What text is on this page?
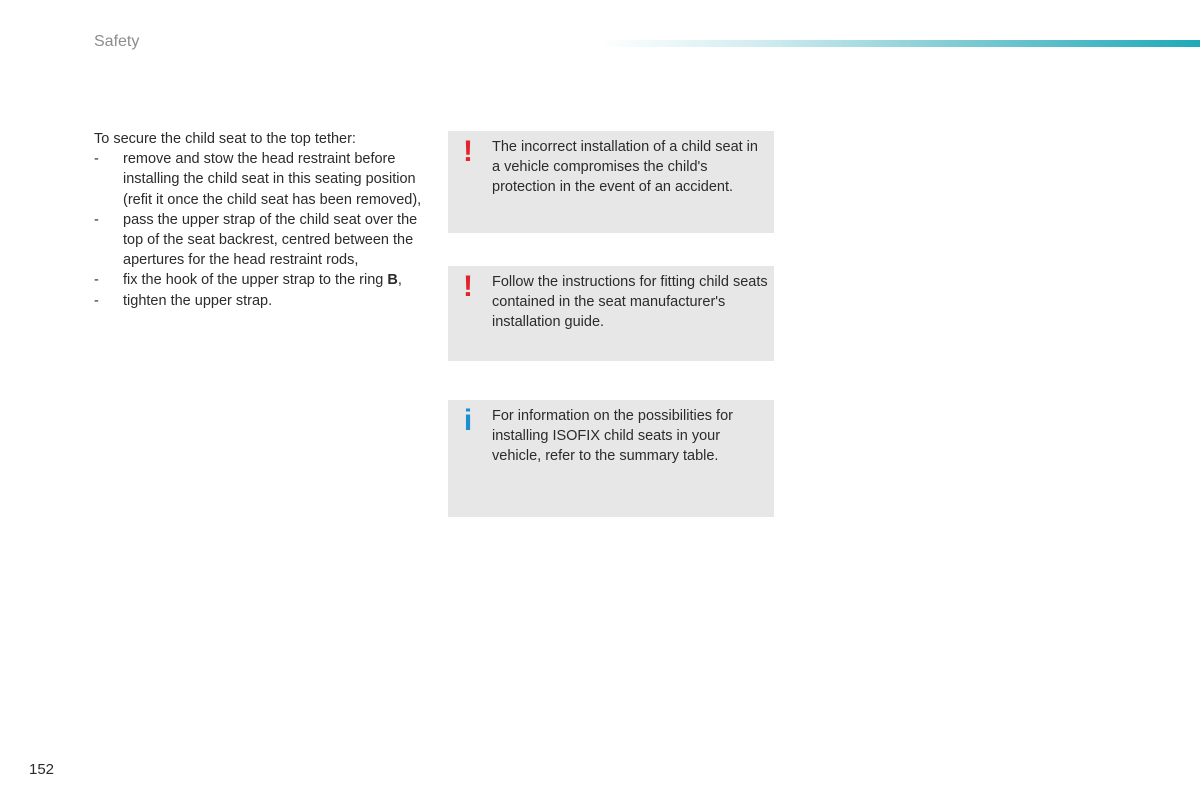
Safety

To secure the child seat to the top tether:

- remove and stow the head restraint before installing the child seat in this seating position (refit it once the child seat has been removed),
- pass the upper strap of the child seat over the top of the seat backrest, centred between the apertures for the head restraint rods,
- fix the hook of the upper strap to the ring B,
- tighten the upper strap.
! The incorrect installation of a child seat in a vehicle compromises the child's protection in the event of an accident.
! Follow the instructions for fitting child seats contained in the seat manufacturer's installation guide.
i For information on the possibilities for installing ISOFIX child seats in your vehicle, refer to the summary table.
152
